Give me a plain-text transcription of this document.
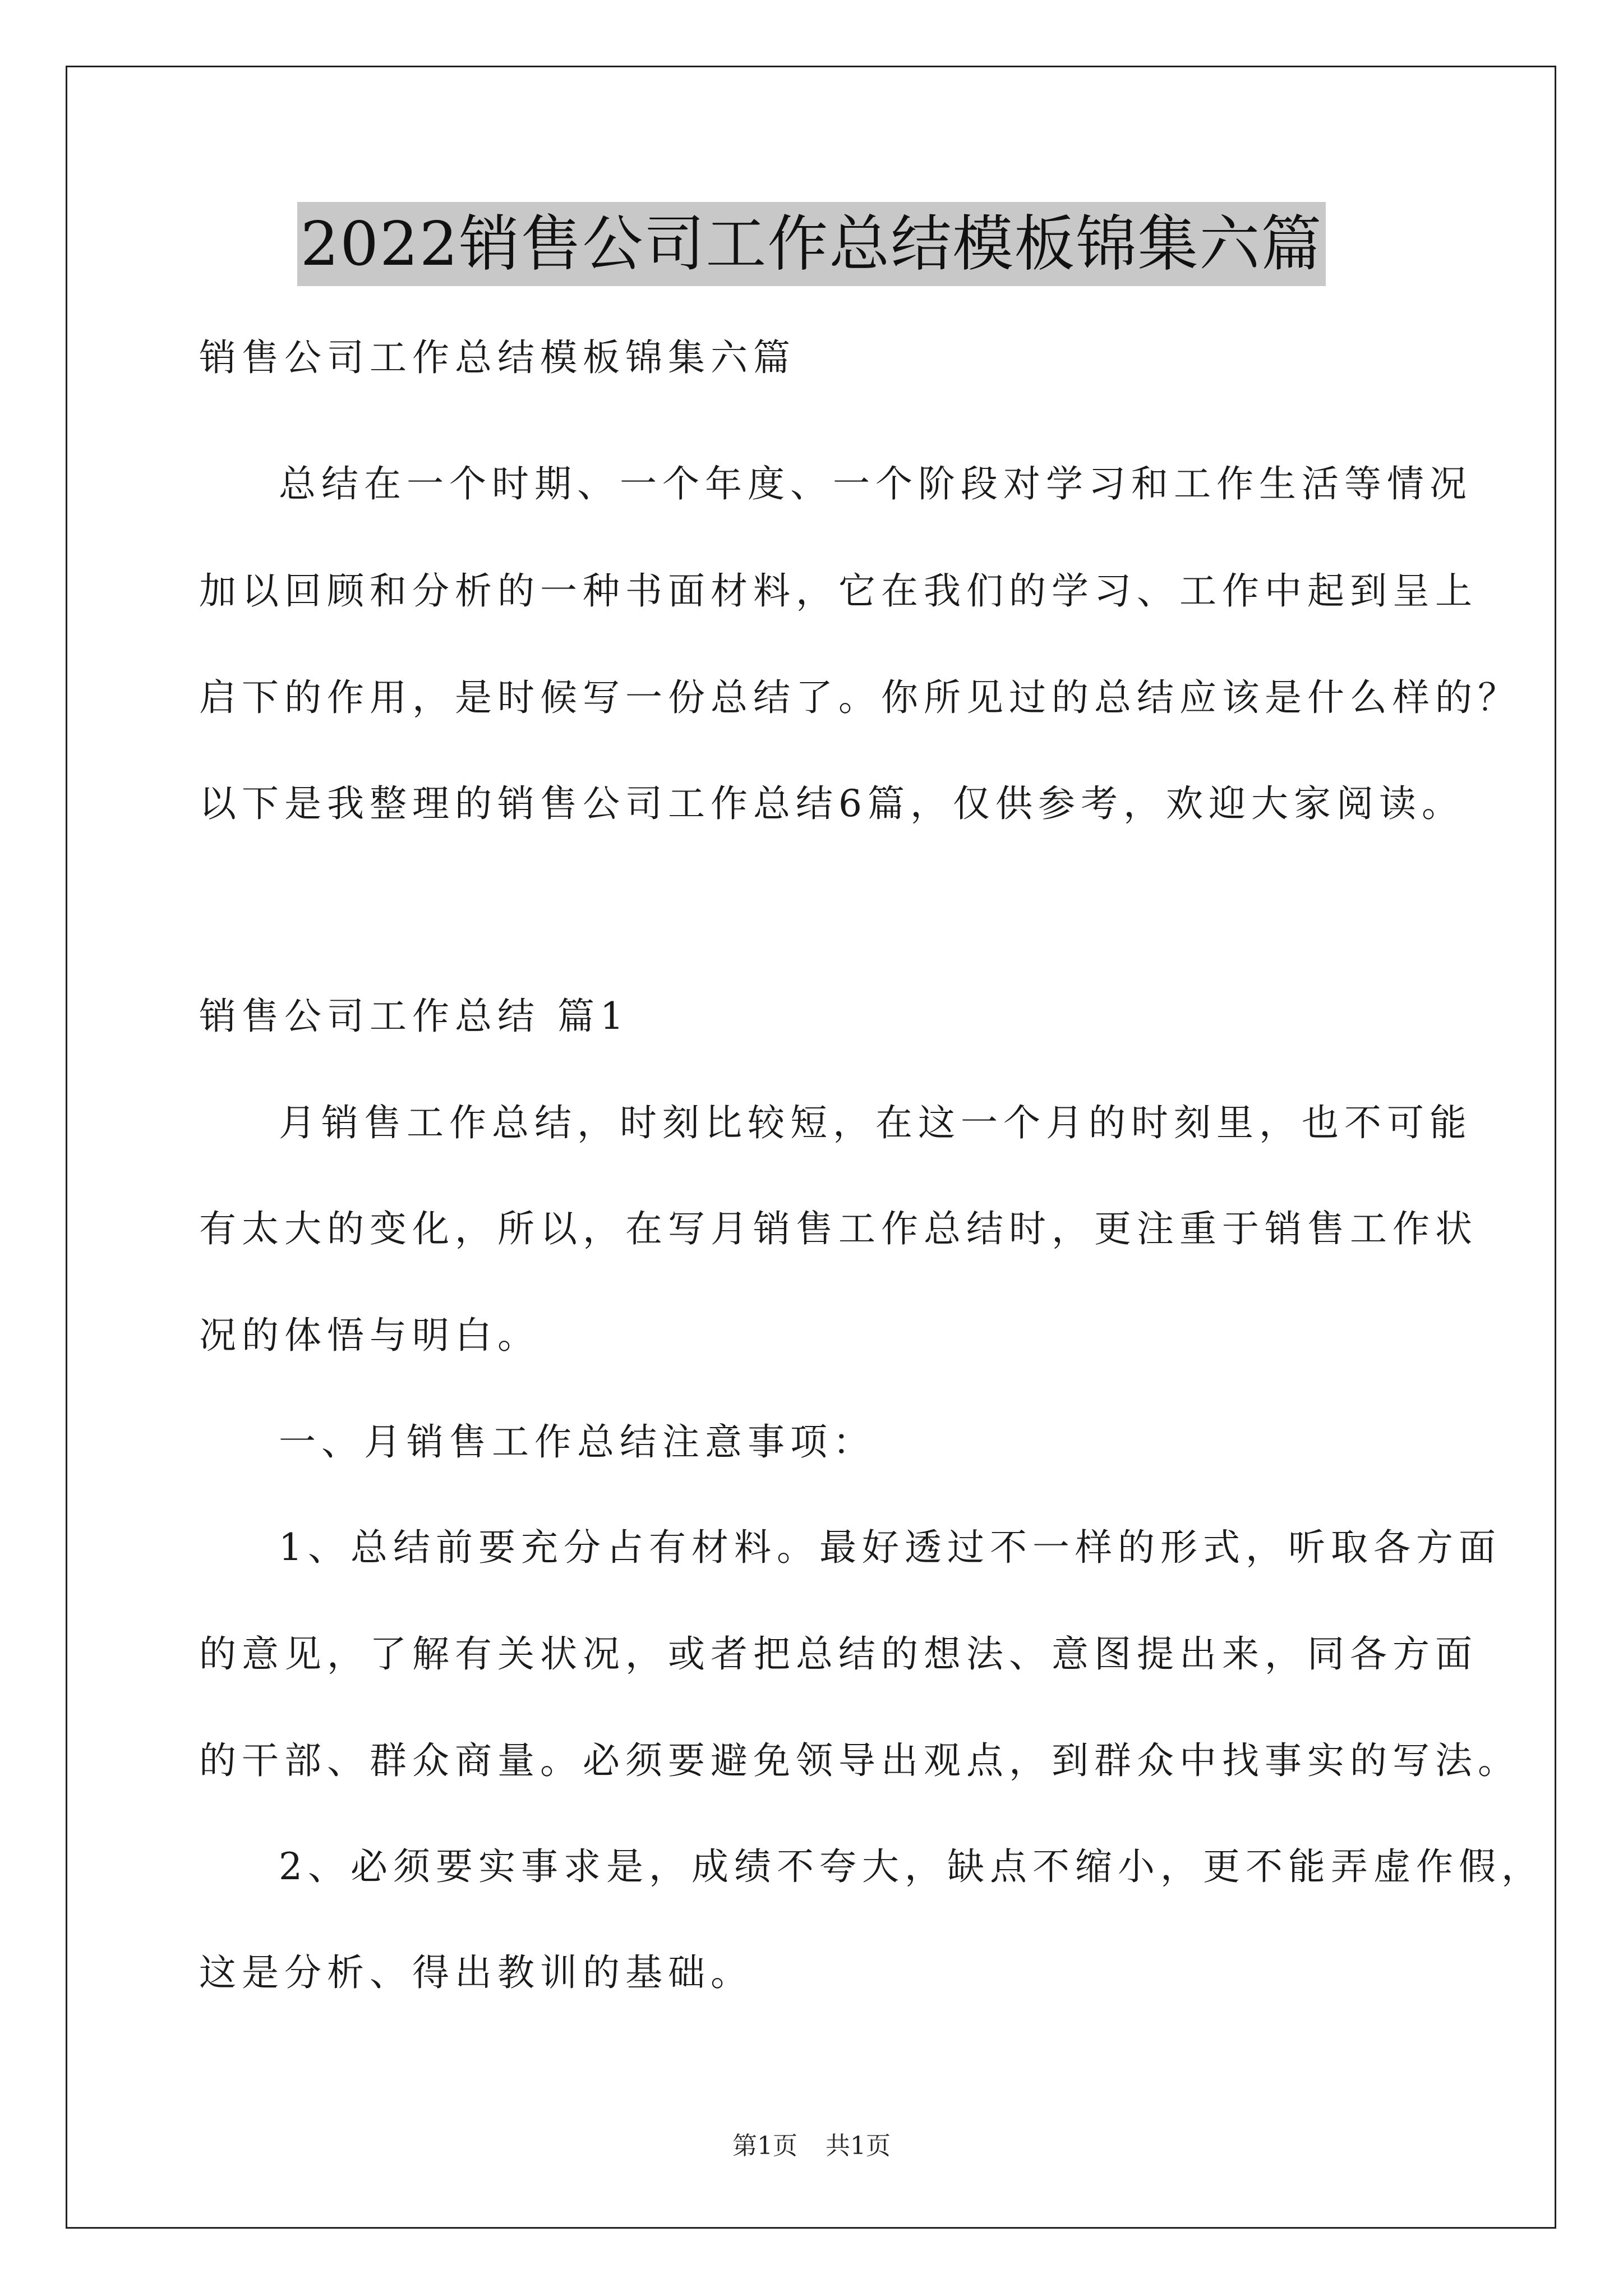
2022销售公司工作总结模板锦集六篇
销售公司工作总结模板锦集六篇
总结在一个时期、一个年度、一个阶段对学习和工作生活等情况
加以回顾和分析的一种书面材料，它在我们的学习、工作中起到呈上
启下的作用，是时候写一份总结了。你所见过的总结应该是什么样的？
以下是我整理的销售公司工作总结6篇，仅供参考，欢迎大家阅读。
销售公司工作总结 篇1
月销售工作总结，时刻比较短，在这一个月的时刻里，也不可能
有太大的变化，所以，在写月销售工作总结时，更注重于销售工作状
况的体悟与明白。
一、月销售工作总结注意事项：
1、总结前要充分占有材料。最好透过不一样的形式，听取各方面
的意见，了解有关状况，或者把总结的想法、意图提出来，同各方面
的干部、群众商量。必须要避免领导出观点，到群众中找事实的写法。
2、必须要实事求是，成绩不夸大，缺点不缩小，更不能弄虚作假，
这是分析、得出教训的基础。
第1页 共1页
